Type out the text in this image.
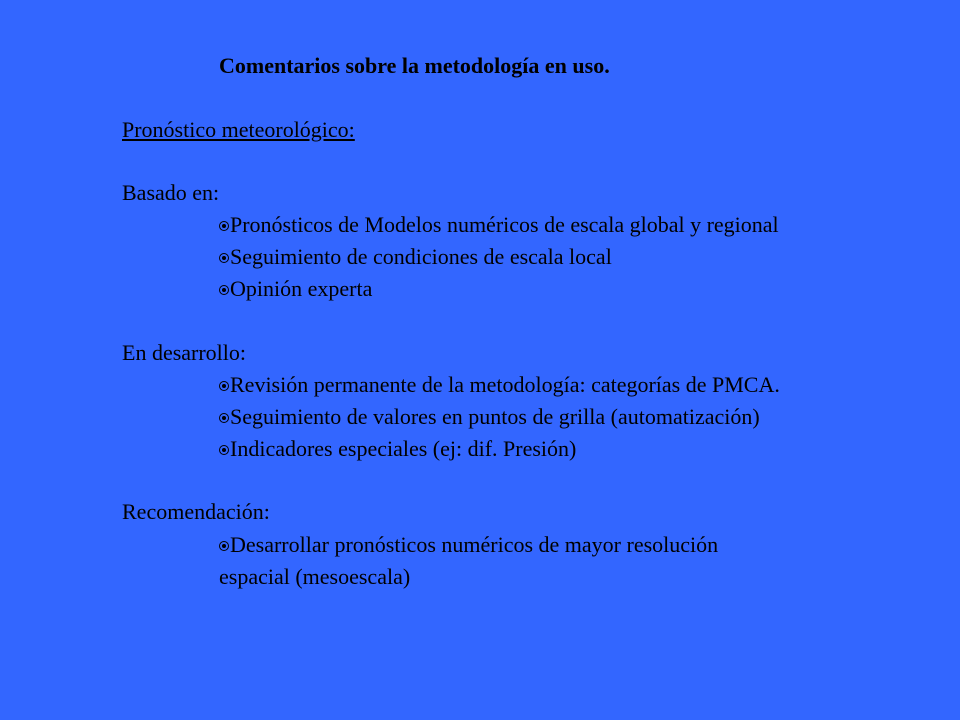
Comentarios sobre la metodología en uso.
Pronóstico meteorológico:
Basado en:
Pronósticos de Modelos numéricos de escala global y regional
Seguimiento de condiciones de escala local
Opinión experta
En desarrollo:
Revisión permanente de la metodología: categorías de PMCA.
Seguimiento de valores en puntos de grilla (automatización)
Indicadores especiales (ej: dif. Presión)
Recomendación:
Desarrollar pronósticos numéricos de mayor resolución
espacial (mesoescala)
